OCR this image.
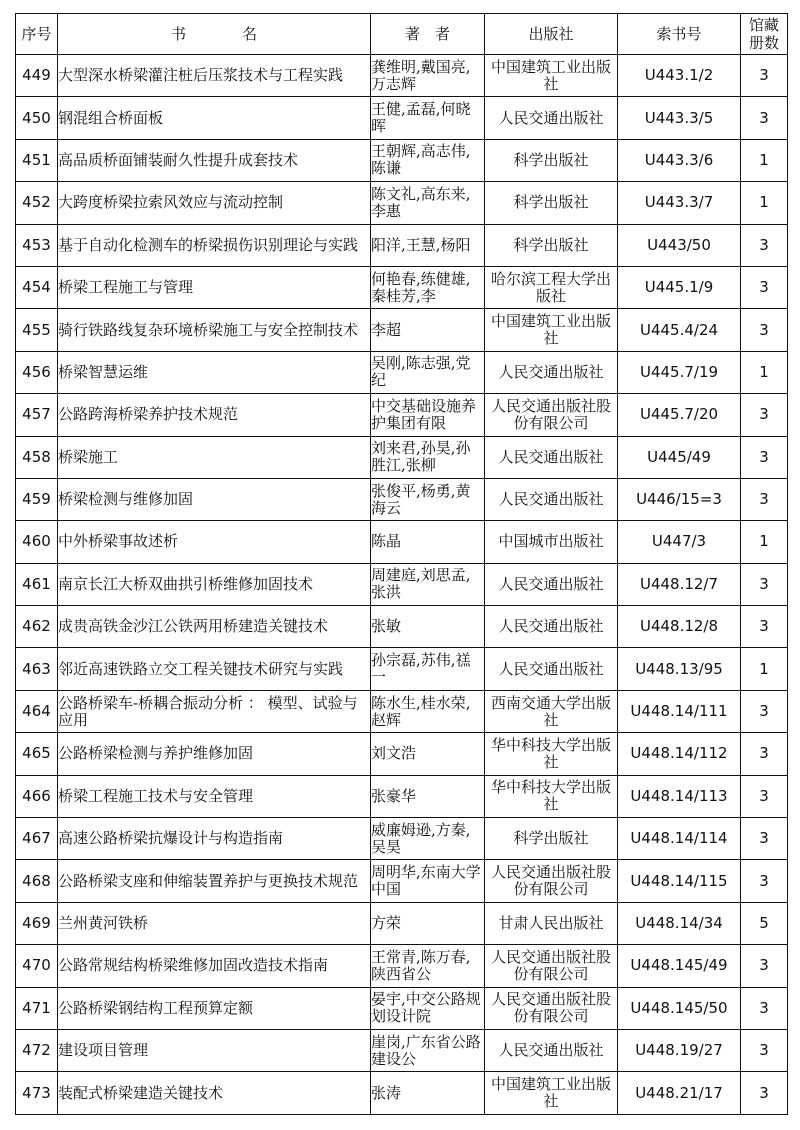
序号	书名	著　者	出版社	索书号	馆藏
册数

449	大型深水桥梁灌注桩后压浆技术与工程实践	龚维明,戴国亮,万志辉	中国建筑工业出版社	U443.1/2	3
450	钢混组合桥面板	王健,孟磊,何晓晖	人民交通出版社	U443.3/5	3
451	高品质桥面铺装耐久性提升成套技术	王朝辉,高志伟,陈谦	科学出版社	U443.3/6	1
452	大跨度桥梁拉索风效应与流动控制	陈文礼,高东来,李惠	科学出版社	U443.3/7	1
453	基于自动化检测车的桥梁损伤识别理论与实践	阳洋,王慧,杨阳	科学出版社	U443/50	3
454	桥梁工程施工与管理	何艳春,练健雄,秦桂芳,李	哈尔滨工程大学出版社	U445.1/9	3
455	骑行铁路线复杂环境桥梁施工与安全控制技术	李超	中国建筑工业出版社	U445.4/24	3
456	桥梁智慧运维	吴刚,陈志强,党纪	人民交通出版社	U445.7/19	1
457	公路跨海桥梁养护技术规范	中交基础设施养护集团有限	人民交通出版社股份有限公司	U445.7/20	3
458	桥梁施工	刘来君,孙昊,孙胜江,张柳	人民交通出版社	U445/49	3
459	桥梁检测与维修加固	张俊平,杨勇,黄海云	人民交通出版社	U446/15=3	3
460	中外桥梁事故述析	陈晶	中国城市出版社	U447/3	1
461	南京长江大桥双曲拱引桥维修加固技术	周建庭,刘思孟,张洪	人民交通出版社	U448.12/7	3
462	成贵高铁金沙江公铁两用桥建造关键技术	张敏	人民交通出版社	U448.12/8	3
463	邻近高速铁路立交工程关键技术研究与实践	孙宗磊,苏伟,禚一	人民交通出版社	U448.13/95	1
464	公路桥梁车-桥耦合振动分析 ： 模型、试验与应用	陈水生,桂水荣,赵辉	西南交通大学出版社	U448.14/111	3
465	公路桥梁检测与养护维修加固	刘文浩	华中科技大学出版社	U448.14/112	3
466	桥梁工程施工技术与安全管理	张豪华	华中科技大学出版社	U448.14/113	3
467	高速公路桥梁抗爆设计与构造指南	威廉姆逊,方秦,吴昊	科学出版社	U448.14/114	3
468	公路桥梁支座和伸缩装置养护与更换技术规范	周明华,东南大学中国	人民交通出版社股份有限公司	U448.14/115	3
469	兰州黄河铁桥	方荣	甘肃人民出版社	U448.14/34	5
470	公路常规结构桥梁维修加固改造技术指南	王常青,陈万春,陕西省公	人民交通出版社股份有限公司	U448.145/49	3
471	公路桥梁钢结构工程预算定额	晏宇,中交公路规划设计院	人民交通出版社股份有限公司	U448.145/50	3
472	建设项目管理	崖岗,广东省公路建设公	人民交通出版社	U448.19/27	3
473	装配式桥梁建造关键技术	张涛	中国建筑工业出版社	U448.21/17	3
